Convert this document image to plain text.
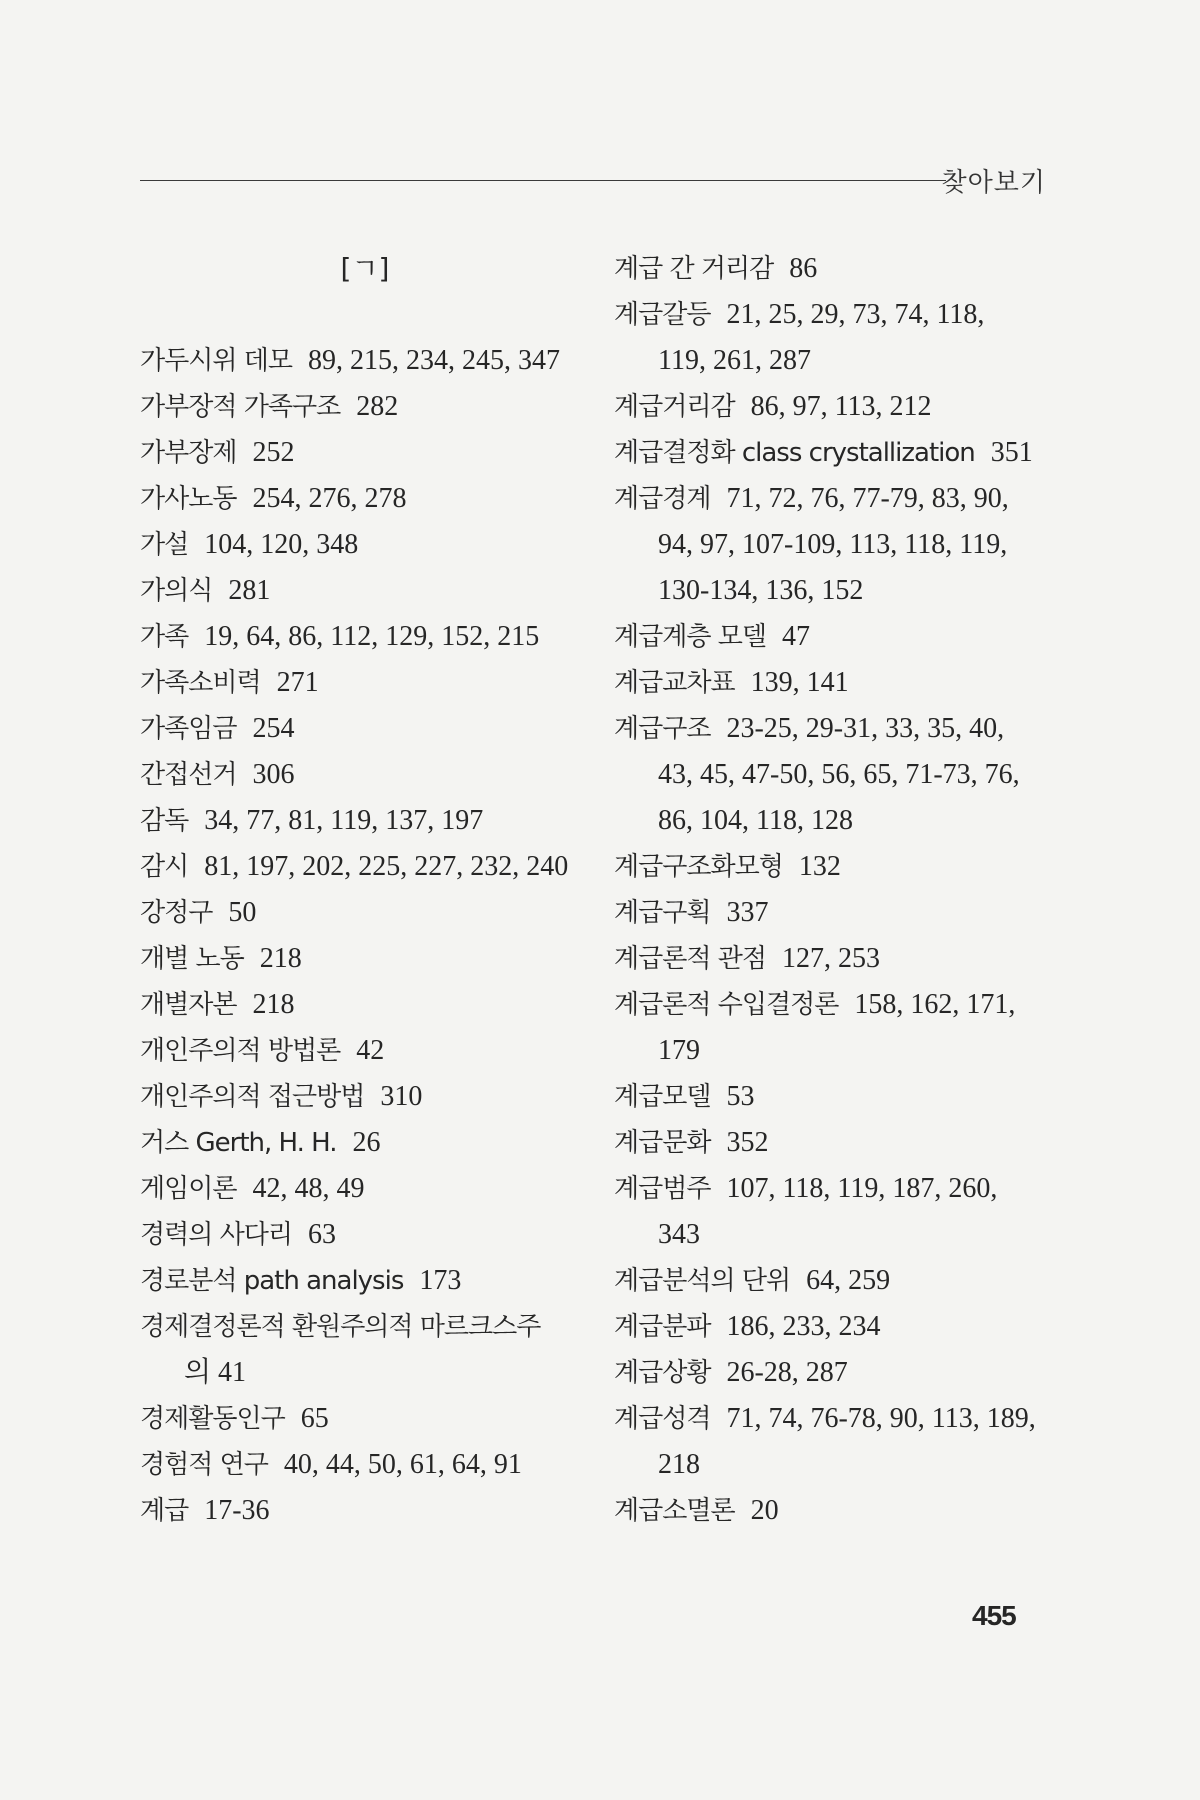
찾아보기
[ㄱ]
가두시위 데모 89, 215, 234, 245, 347
가부장적 가족구조 282
가부장제 252
가사노동 254, 276, 278
가설 104, 120, 348
가의식 281
가족 19, 64, 86, 112, 129, 152, 215
가족소비력 271
가족임금 254
간접선거 306
감독 34, 77, 81, 119, 137, 197
감시 81, 197, 202, 225, 227, 232, 240
강정구 50
개별 노동 218
개별자본 218
개인주의적 방법론 42
개인주의적 접근방법 310
거스 Gerth, H. H. 26
게임이론 42, 48, 49
경력의 사다리 63
경로분석 path analysis 173
경제결정론적 환원주의적 마르크스주
의 41
경제활동인구 65
경험적 연구 40, 44, 50, 61, 64, 91
계급 17-36
계급 간 거리감 86
계급갈등 21, 25, 29, 73, 74, 118,
119, 261, 287
계급거리감 86, 97, 113, 212
계급결정화 class crystallization 351
계급경계 71, 72, 76, 77-79, 83, 90,
94, 97, 107-109, 113, 118, 119,
130-134, 136, 152
계급계층 모델 47
계급교차표 139, 141
계급구조 23-25, 29-31, 33, 35, 40,
43, 45, 47-50, 56, 65, 71-73, 76,
86, 104, 118, 128
계급구조화모형 132
계급구획 337
계급론적 관점 127, 253
계급론적 수입결정론 158, 162, 171,
179
계급모델 53
계급문화 352
계급범주 107, 118, 119, 187, 260,
343
계급분석의 단위 64, 259
계급분파 186, 233, 234
계급상황 26-28, 287
계급성격 71, 74, 76-78, 90, 113, 189,
218
계급소멸론 20
455
